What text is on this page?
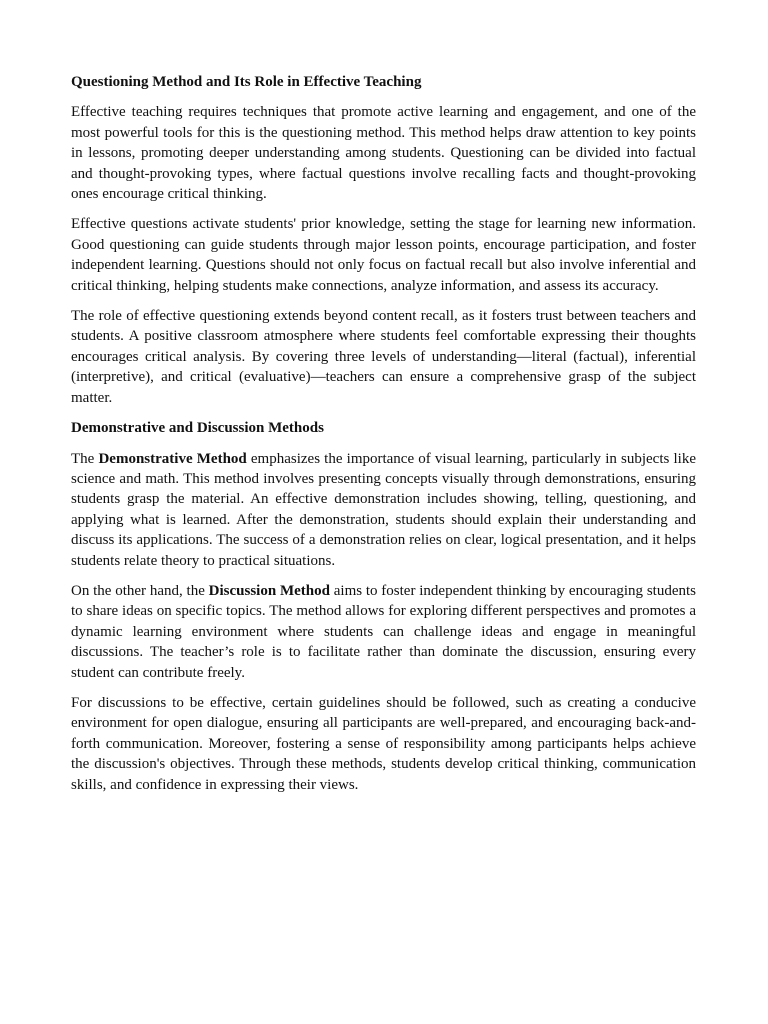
Questioning Method and Its Role in Effective Teaching

Effective teaching requires techniques that promote active learning and engagement, and one of the most powerful tools for this is the questioning method. This method helps draw attention to key points in lessons, promoting deeper understanding among students. Questioning can be divided into factual and thought-provoking types, where factual questions involve recalling facts and thought-provoking ones encourage critical thinking.

Effective questions activate students' prior knowledge, setting the stage for learning new information. Good questioning can guide students through major lesson points, encourage participation, and foster independent learning. Questions should not only focus on factual recall but also involve inferential and critical thinking, helping students make connections, analyze information, and assess its accuracy.

The role of effective questioning extends beyond content recall, as it fosters trust between teachers and students. A positive classroom atmosphere where students feel comfortable expressing their thoughts encourages critical analysis. By covering three levels of understanding—literal (factual), inferential (interpretive), and critical (evaluative)—teachers can ensure a comprehensive grasp of the subject matter.

Demonstrative and Discussion Methods

The Demonstrative Method emphasizes the importance of visual learning, particularly in subjects like science and math. This method involves presenting concepts visually through demonstrations, ensuring students grasp the material. An effective demonstration includes showing, telling, questioning, and applying what is learned. After the demonstration, students should explain their understanding and discuss its applications. The success of a demonstration relies on clear, logical presentation, and it helps students relate theory to practical situations.

On the other hand, the Discussion Method aims to foster independent thinking by encouraging students to share ideas on specific topics. The method allows for exploring different perspectives and promotes a dynamic learning environment where students can challenge ideas and engage in meaningful discussions. The teacher’s role is to facilitate rather than dominate the discussion, ensuring every student can contribute freely.

For discussions to be effective, certain guidelines should be followed, such as creating a conducive environment for open dialogue, ensuring all participants are well-prepared, and encouraging back-and-forth communication. Moreover, fostering a sense of responsibility among participants helps achieve the discussion's objectives. Through these methods, students develop critical thinking, communication skills, and confidence in expressing their views.
